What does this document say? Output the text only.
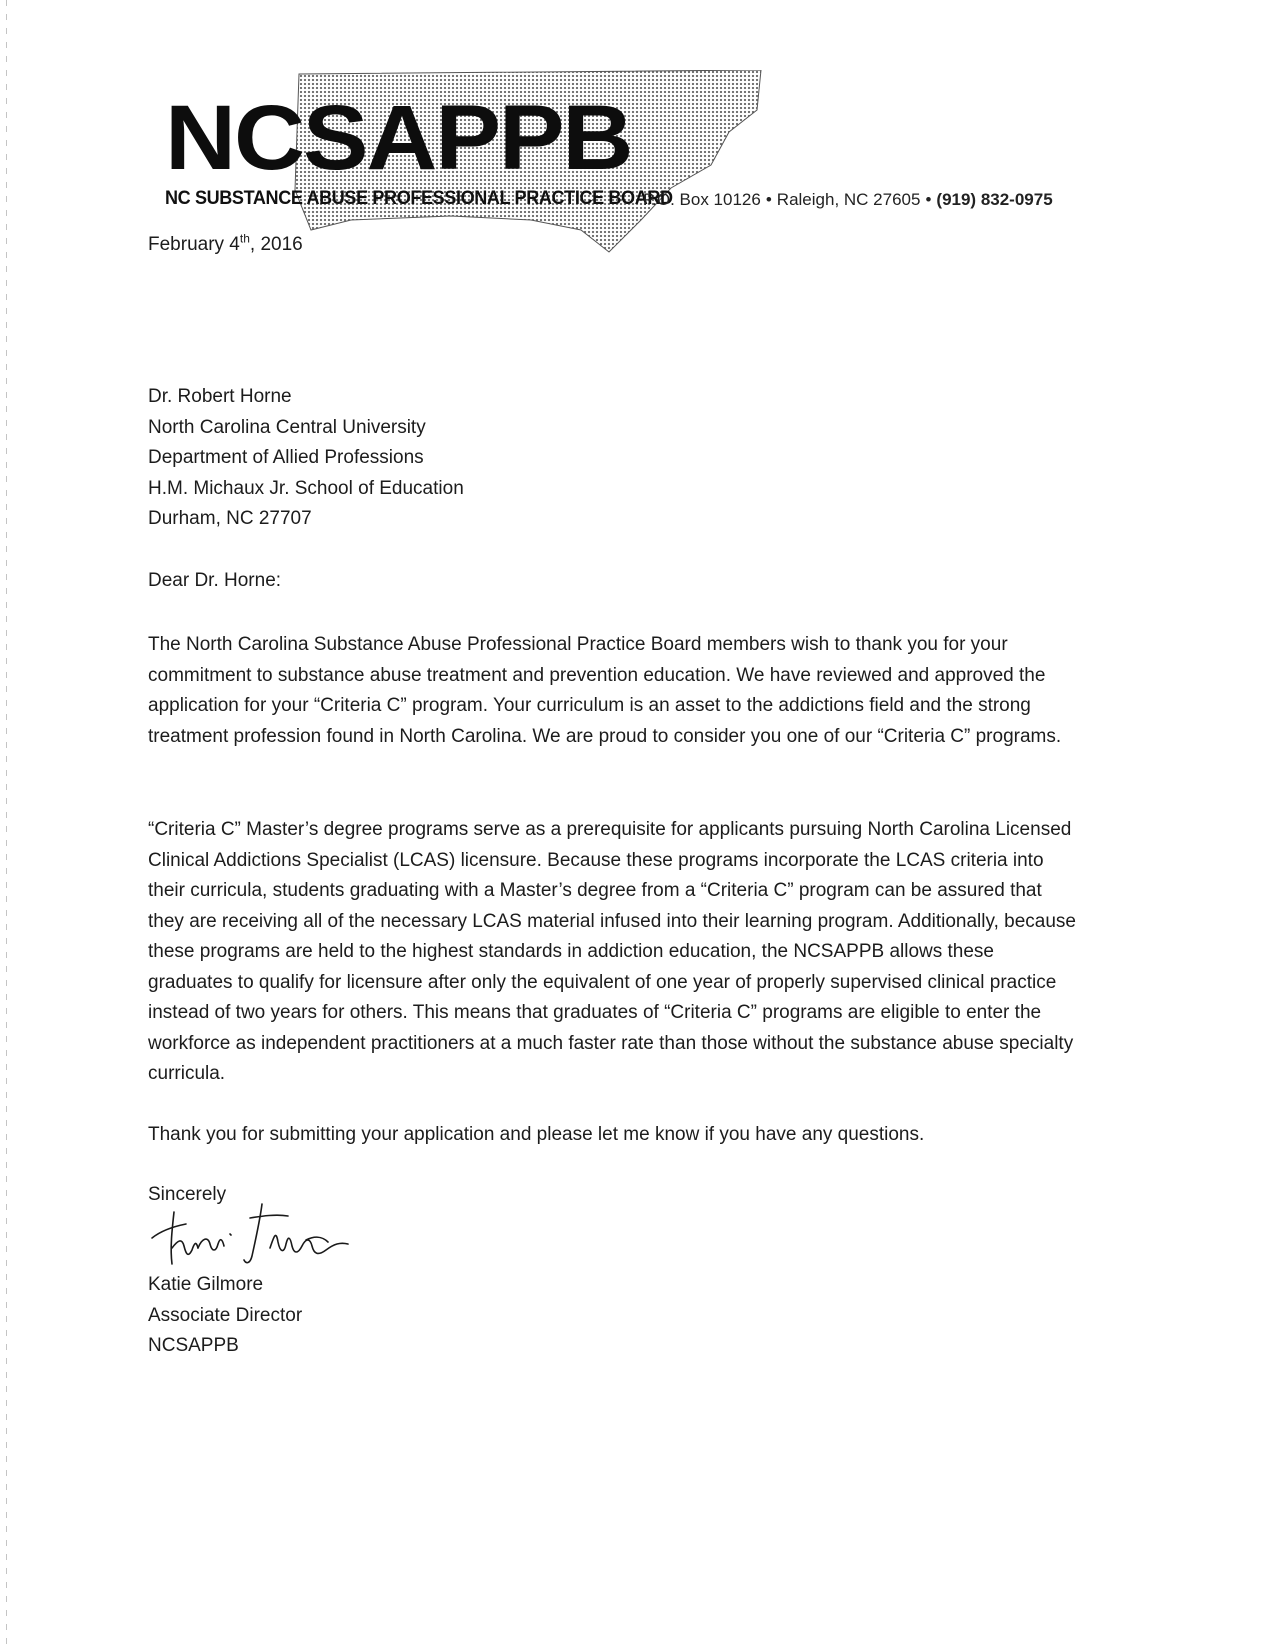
NCSAPPB
NC SUBSTANCE ABUSE PROFESSIONAL PRACTICE BOARD
P.O. Box 10126 • Raleigh, NC 27605 • (919) 832-0975
February 4th, 2016
Dr. Robert Horne
North Carolina Central University
Department of Allied Professions
H.M. Michaux Jr. School of Education
Durham, NC 27707
Dear Dr. Horne:

The North Carolina Substance Abuse Professional Practice Board members wish to thank you for your commitment to substance abuse treatment and prevention education. We have reviewed and approved the application for your “Criteria C” program. Your curriculum is an asset to the addictions field and the strong treatment profession found in North Carolina. We are proud to consider you one of our “Criteria C” programs.

“Criteria C” Master’s degree programs serve as a prerequisite for applicants pursuing North Carolina Licensed Clinical Addictions Specialist (LCAS) licensure. Because these programs incorporate the LCAS criteria into their curricula, students graduating with a Master’s degree from a “Criteria C” program can be assured that they are receiving all of the necessary LCAS material infused into their learning program. Additionally, because these programs are held to the highest standards in addiction education, the NCSAPPB allows these graduates to qualify for licensure after only the equivalent of one year of properly supervised clinical practice instead of two years for others. This means that graduates of “Criteria C” programs are eligible to enter the workforce as independent practitioners at a much faster rate than those without the substance abuse specialty curricula.

Thank you for submitting your application and please let me know if you have any questions.

Sincerely
Katie Gilmore
Associate Director
NCSAPPB
